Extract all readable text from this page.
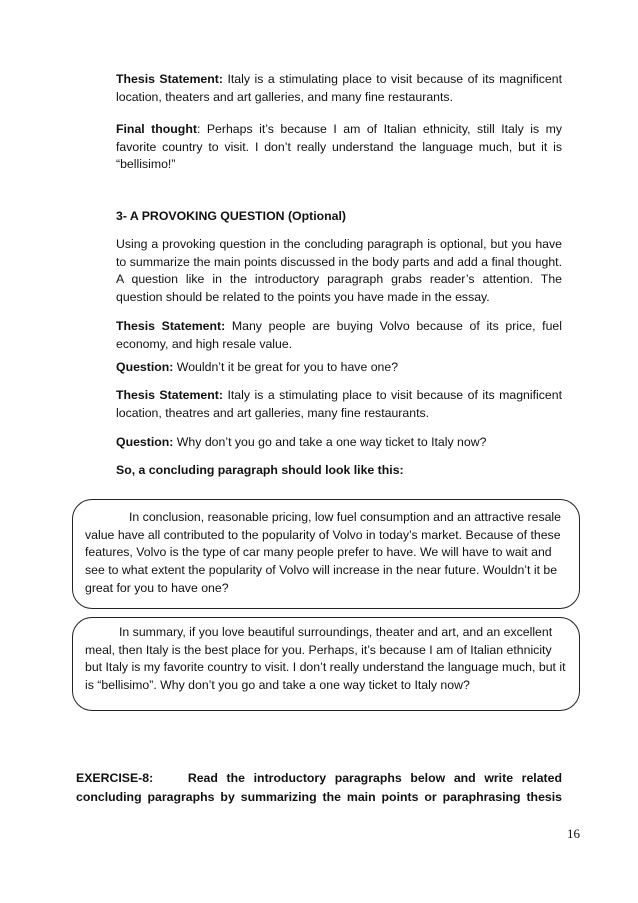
Thesis Statement: Italy is a stimulating place to visit because of its magnificent location, theaters and art galleries, and many fine restaurants.

Final thought: Perhaps it’s because I am of Italian ethnicity, still Italy is my favorite country to visit. I don’t really understand the language much, but it is “bellisimo!”

3- A PROVOKING QUESTION (Optional)

Using a provoking question in the concluding paragraph is optional, but you have to summarize the main points discussed in the body parts and add a final thought. A question like in the introductory paragraph grabs reader’s attention. The question should be related to the points you have made in the essay.

Thesis Statement: Many people are buying Volvo because of its price, fuel economy, and high resale value.

Question: Wouldn’t it be great for you to have one?

Thesis Statement: Italy is a stimulating place to visit because of its magnificent location, theatres and art galleries, many fine restaurants.

Question: Why don’t you go and take a one way ticket to Italy now?

So, a concluding paragraph should look like this:

In conclusion, reasonable pricing, low fuel consumption and an attractive resale value have all contributed to the popularity of Volvo in today’s market. Because of these features, Volvo is the type of car many people prefer to have. We will have to wait and see to what extent the popularity of Volvo will increase in the near future. Wouldn’t it be great for you to have one?

In summary, if you love beautiful surroundings, theater and art, and an excellent meal, then Italy is the best place for you. Perhaps, it’s because I am of Italian ethnicity but Italy is my favorite country to visit. I don’t really understand the language much, but it is “bellisimo”. Why don’t you go and take a one way ticket to Italy now?

EXERCISE-8:	Read the introductory paragraphs below and write related concluding paragraphs by summarizing the main points or paraphrasing thesis

16
